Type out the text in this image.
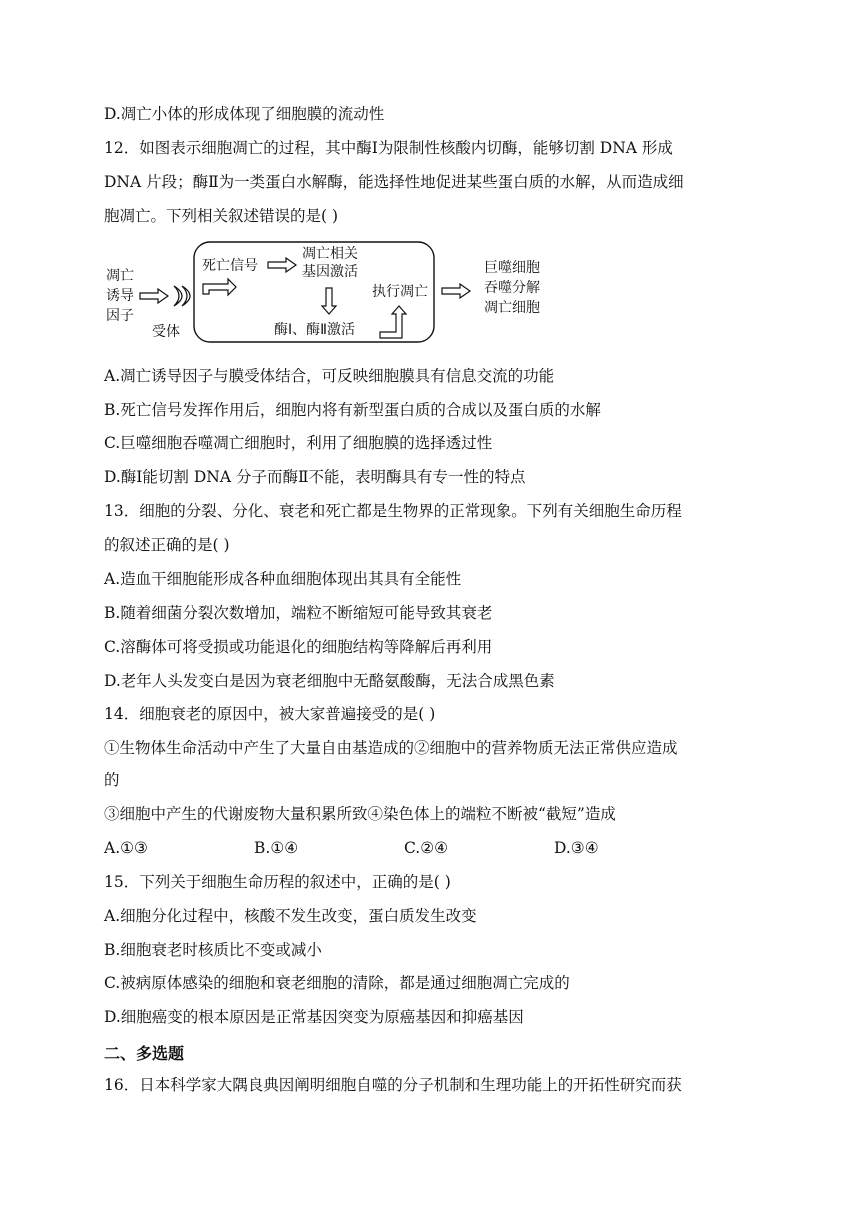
D.凋亡小体的形成体现了细胞膜的流动性

12．如图表示细胞凋亡的过程，其中酶Ⅰ为限制性核酸内切酶，能够切割 DNA 形成

DNA 片段；酶Ⅱ为一类蛋白水解酶，能选择性地促进某些蛋白质的水解，从而造成细

胞凋亡。下列相关叙述错误的是( )

凋亡
诱导
因子
受体
死亡信号
凋亡相关
基因激活
酶Ⅰ、酶Ⅱ激活
执行凋亡
巨噬细胞
吞噬分解
凋亡细胞

A.凋亡诱导因子与膜受体结合，可反映细胞膜具有信息交流的功能

B.死亡信号发挥作用后，细胞内将有新型蛋白质的合成以及蛋白质的水解

C.巨噬细胞吞噬凋亡细胞时，利用了细胞膜的选择透过性

D.酶Ⅰ能切割 DNA 分子而酶Ⅱ不能，表明酶具有专一性的特点

13．细胞的分裂、分化、衰老和死亡都是生物界的正常现象。下列有关细胞生命历程

的叙述正确的是( )

A.造血干细胞能形成各种血细胞体现出其具有全能性

B.随着细菌分裂次数增加，端粒不断缩短可能导致其衰老

C.溶酶体可将受损或功能退化的细胞结构等降解后再利用

D.老年人头发变白是因为衰老细胞中无酪氨酸酶，无法合成黑色素

14．细胞衰老的原因中，被大家普遍接受的是( )

①生物体生命活动中产生了大量自由基造成的②细胞中的营养物质无法正常供应造成

的

③细胞中产生的代谢废物大量积累所致④染色体上的端粒不断被“截短”造成

A.①③	B.①④	C.②④	D.③④

15．下列关于细胞生命历程的叙述中，正确的是( )

A.细胞分化过程中，核酸不发生改变，蛋白质发生改变

B.细胞衰老时核质比不变或减小

C.被病原体感染的细胞和衰老细胞的清除，都是通过细胞凋亡完成的

D.细胞癌变的根本原因是正常基因突变为原癌基因和抑癌基因

二、多选题

16．日本科学家大隅良典因阐明细胞自噬的分子机制和生理功能上的开拓性研究而获
